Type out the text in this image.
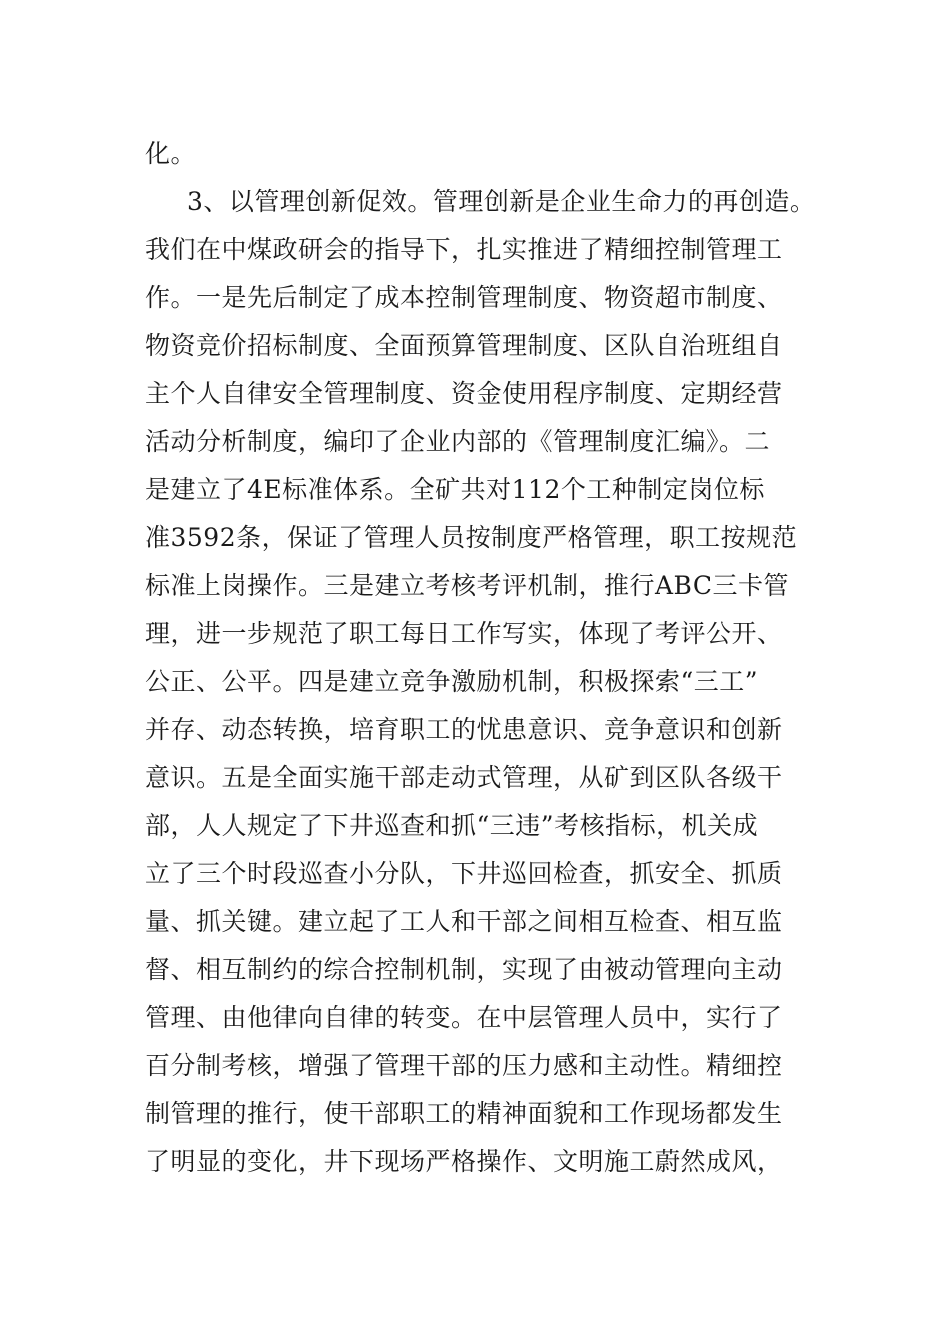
化。
3、以管理创新促效。管理创新是企业生命力的再创造。
我们在中煤政研会的指导下，扎实推进了精细控制管理工
作。一是先后制定了成本控制管理制度、物资超市制度、
物资竞价招标制度、全面预算管理制度、区队自治班组自
主个人自律安全管理制度、资金使用程序制度、定期经营
活动分析制度，编印了企业内部的《管理制度汇编》。二
是建立了4E标准体系。全矿共对112个工种制定岗位标
准3592条，保证了管理人员按制度严格管理，职工按规范
标准上岗操作。三是建立考核考评机制，推行ABC三卡管
理，进一步规范了职工每日工作写实，体现了考评公开、
公正、公平。四是建立竞争激励机制，积极探索“三工”
并存、动态转换，培育职工的忧患意识、竞争意识和创新
意识。五是全面实施干部走动式管理，从矿到区队各级干
部，人人规定了下井巡查和抓“三违”考核指标，机关成
立了三个时段巡查小分队，下井巡回检查，抓安全、抓质
量、抓关键。建立起了工人和干部之间相互检查、相互监
督、相互制约的综合控制机制，实现了由被动管理向主动
管理、由他律向自律的转变。在中层管理人员中，实行了
百分制考核，增强了管理干部的压力感和主动性。精细控
制管理的推行，使干部职工的精神面貌和工作现场都发生
了明显的变化，井下现场严格操作、文明施工蔚然成风，
